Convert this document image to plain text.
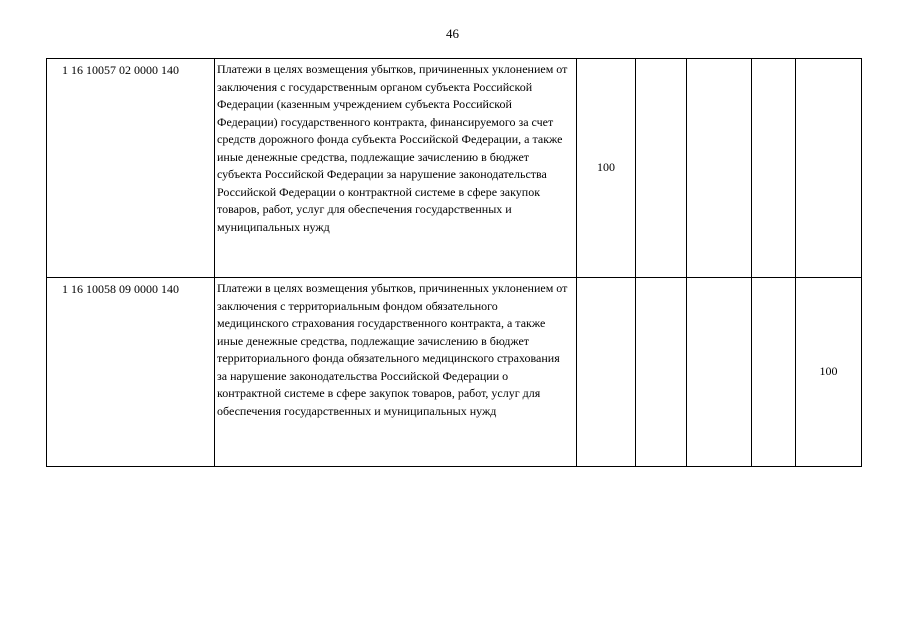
46
1 16 10057 02 0000 140	Платежи в целях возмещения убытков, причиненных уклонением от заключения с государственным органом субъекта Российской Федерации (казенным учреждением субъекта Российской Федерации) государственного контракта, финансируемого за счет средств дорожного фонда субъекта Российской Федерации, а также иные денежные средства, подлежащие зачислению в бюджет субъекта Российской Федерации за нарушение законодательства Российской Федерации о контрактной системе в сфере закупок товаров, работ, услуг для обеспечения государственных и муниципальных нужд	100				
1 16 10058 09 0000 140	Платежи в целях возмещения убытков, причиненных уклонением от заключения с территориальным фондом обязательного медицинского страхования государственного контракта, а также иные денежные средства, подлежащие зачислению в бюджет территориального фонда обязательного медицинского страхования за нарушение законодательства Российской Федерации о контрактной системе в сфере закупок товаров, работ, услуг для обеспечения государственных и муниципальных нужд					100
